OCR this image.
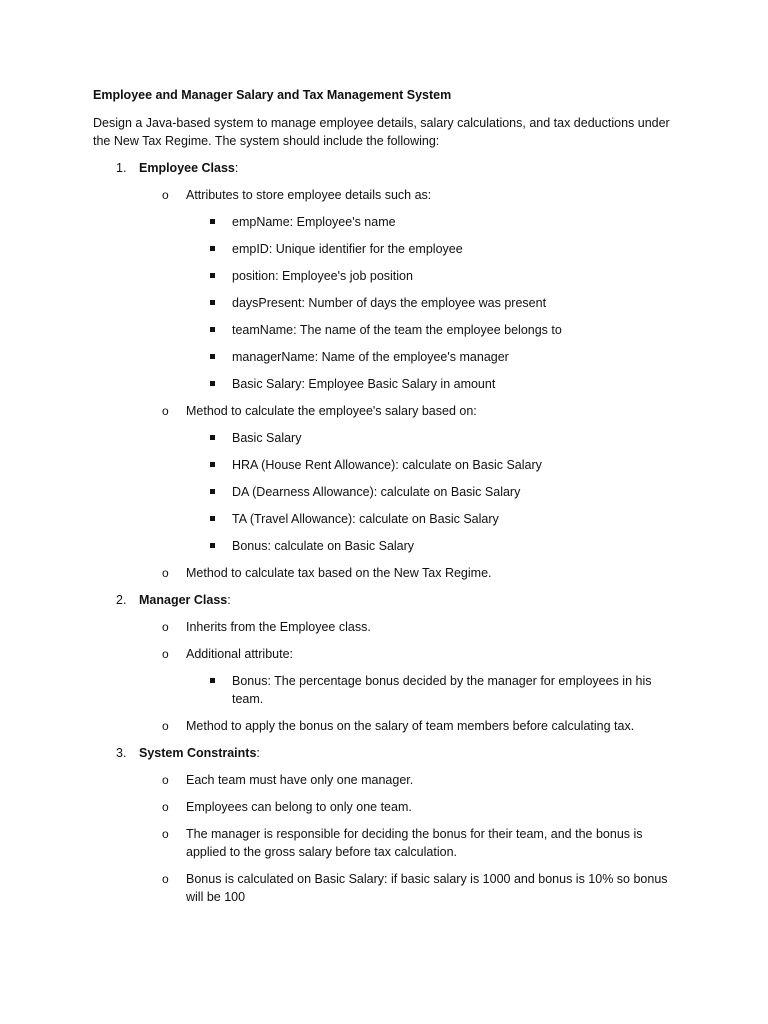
Employee and Manager Salary and Tax Management System
Design a Java-based system to manage employee details, salary calculations, and tax deductions under the New Tax Regime. The system should include the following:
1. Employee Class:
o Attributes to store employee details such as:
empName: Employee's name
empID: Unique identifier for the employee
position: Employee's job position
daysPresent: Number of days the employee was present
teamName: The name of the team the employee belongs to
managerName: Name of the employee's manager
Basic Salary: Employee Basic Salary in amount
o Method to calculate the employee's salary based on:
Basic Salary
HRA (House Rent Allowance): calculate on Basic Salary
DA (Dearness Allowance): calculate on Basic Salary
TA (Travel Allowance): calculate on Basic Salary
Bonus: calculate on Basic Salary
o Method to calculate tax based on the New Tax Regime.
2. Manager Class:
o Inherits from the Employee class.
o Additional attribute:
Bonus: The percentage bonus decided by the manager for employees in his team.
o Method to apply the bonus on the salary of team members before calculating tax.
3. System Constraints:
o Each team must have only one manager.
o Employees can belong to only one team.
o The manager is responsible for deciding the bonus for their team, and the bonus is applied to the gross salary before tax calculation.
o Bonus is calculated on Basic Salary: if basic salary is 1000 and bonus is 10% so bonus will be 100
